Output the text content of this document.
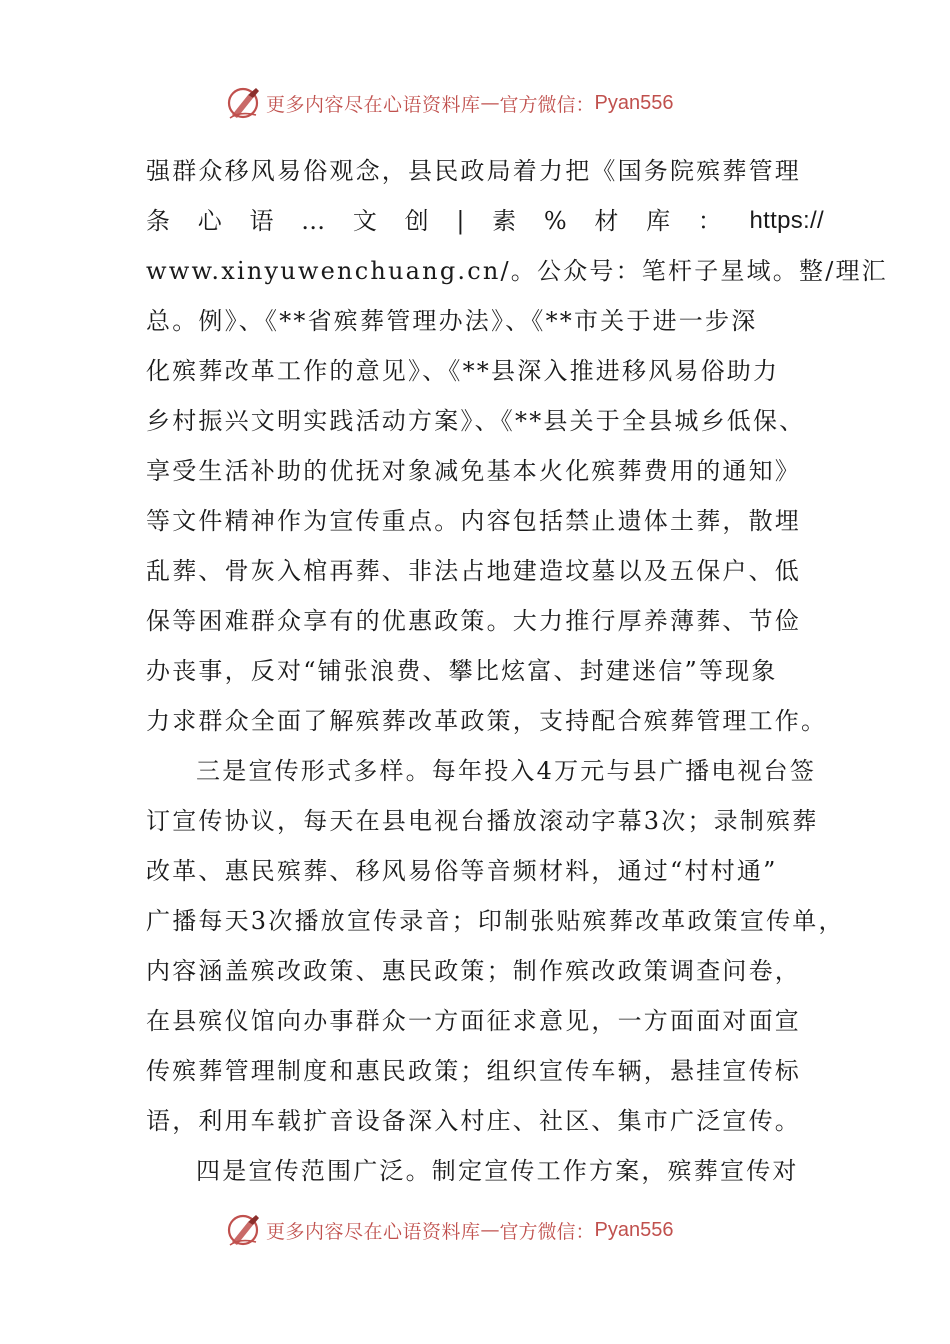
更多内容尽在心语资料库 — 官方微信： Pyan556
强群众移风易俗观念，县民政局着力把《国务院殡葬管理
条 心 语 … 文 创 | 素 % 材 库 ： https://
www.xinyuwenchuang.cn/。公众号：笔杆子星域。整/理汇
总。例》、《**省殡葬管理办法》、《**市关于进一步深
化殡葬改革工作的意见》、《**县深入推进移风易俗助力
乡村振兴文明实践活动方案》、《**县关于全县城乡低保、
享受生活补助的优抚对象减免基本火化殡葬费用的通知》
等文件精神作为宣传重点。内容包括禁止遗体土葬，散埋
乱葬、骨灰入棺再葬、非法占地建造坟墓以及五保户、低
保等困难群众享有的优惠政策。大力推行厚养薄葬、节俭
办丧事，反对“铺张浪费、攀比炫富、封建迷信”等现象
力求群众全面了解殡葬改革政策，支持配合殡葬管理工作。
三是宣传形式多样。每年投入4万元与县广播电视台签
订宣传协议，每天在县电视台播放滚动字幕3次；录制殡葬
改革、惠民殡葬、移风易俗等音频材料，通过“村村通”
广播每天3次播放宣传录音；印制张贴殡葬改革政策宣传单，
内容涵盖殡改政策、惠民政策；制作殡改政策调查问卷，
在县殡仪馆向办事群众一方面征求意见，一方面面对面宣
传殡葬管理制度和惠民政策；组织宣传车辆，悬挂宣传标
语，利用车载扩音设备深入村庄、社区、集市广泛宣传。
四是宣传范围广泛。制定宣传工作方案，殡葬宣传对
更多内容尽在心语资料库 — 官方微信： Pyan556
